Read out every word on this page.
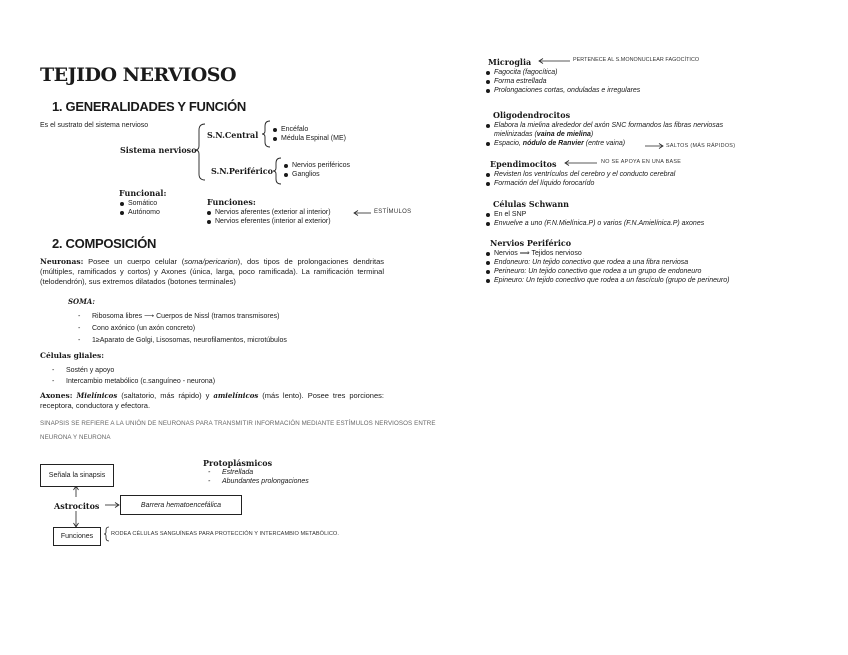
TEJIDO NERVIOSO
1. GENERALIDADES Y FUNCIÓN
Es el sustrato del sistema nervioso
Sistema nervioso
S.N.Central
Encéfalo
Médula Espinal (ME)
S.N.Periférico
Nervios periféricos
Ganglios
Funcional:
Somático
Autónomo
Funciones:
Nervios aferentes (exterior al interior)
Nervios eferentes (interior al exterior)
ESTÍMULOS
2. COMPOSICIÓN
Neuronas: Posee un cuerpo celular (soma/pericarion), dos tipos de prolongaciones dendritas (múltiples, ramificados y cortos) y Axones (única, larga, poco ramificada). La ramificación terminal (telodendrón), sus extremos dilatados (botones terminales)
SOMA:
- Ribosoma libres ⟶ Cuerpos de Nissl (tramos transmisores)
- Cono axónico (un axón concreto)
- 1≥Aparato de Golgi, Lisosomas, neurofilamentos, microtúbulos
Células gliales:
- Sostén y apoyo
- Intercambio metabólico (c.sanguíneo - neurona)
Axones: Mielínicos (saltatorio, más rápido) y amielínicos (más lento). Posee tres porciones: receptora, conductora y efectora.
SINAPSIS SE REFIERE A LA UNIÓN DE NEURONAS PARA TRANSMITIR INFORMACIÓN MEDIANTE ESTÍMULOS NERVIOSOS ENTRE
NEURONA Y NEURONA
Señala la sinapsis
Astrocitos	Barrera hematoencefálica
Funciones	RODEA CÉLULAS SANGUÍNEAS PARA PROTECCIÓN Y INTERCAMBIO METABÓLICO.
Protoplásmicos
- Estrellada
- Abundantes prolongaciones
Microglia	PERTENECE AL S.MONONUCLEAR FAGOCÍTICO
Fagocita (fagocítica)
Forma estrellada
Prolongaciones cortas, onduladas e irregulares
Oligodendrocitos
Elabora la mielina alrededor del axón SNC formandos las fibras nerviosas
mielinizadas (vaina de mielina)
Espacio, nódulo de Ranvier (entre vaina)	SALTOS (MÁS RÁPIDOS)
Ependimocitos	NO SE APOYA EN UNA BASE
Revisten los ventrículos del cerebro y el conducto cerebral
Formación del líquido forocarído
Células Schwann
En el SNP
Envuelve a uno (F.N.Mielínica.P) o varios (F.N.Amielínica.P) axones
Nervios Periférico
Nervios ⟹ Tejidos nervioso
Endoneuro: Un tejido conectivo que rodea a una fibra nerviosa
Perineuro: Un tejido conectivo que rodea a un grupo de endoneuro
Epineuro: Un tejido conectivo que rodea a un fascículo (grupo de perineuro)
